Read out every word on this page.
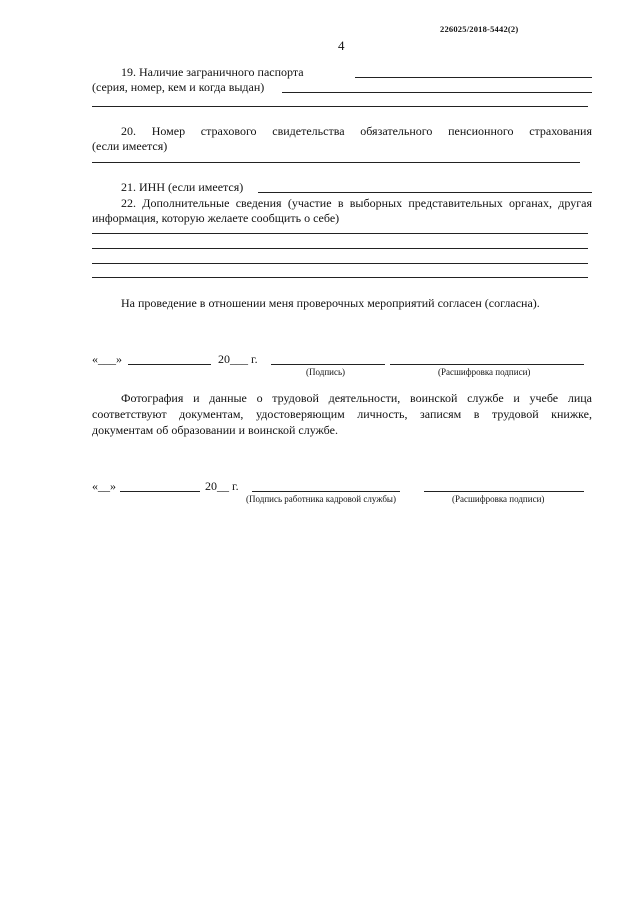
226025/2018-5442(2)
4
19. Наличие заграничного паспорта
(серия, номер, кем и когда выдан)
20. Номер страхового свидетельства обязательного пенсионного страхования
(если имеется)
21. ИНН (если имеется)
22. Дополнительные сведения (участие в выборных представительных органах, другая
информация, которую желаете сообщить о себе)
На проведение в отношении меня проверочных мероприятий согласен (согласна).
«___»	20___ г.
(Подпись)	(Расшифровка подписи)
Фотография и данные о трудовой деятельности, воинской службе и учебе лица
соответствуют документам, удостоверяющим личность, записям в трудовой книжке,
документам об образовании и воинской службе.
«__»	20__ г.
(Подпись работника кадровой службы)	(Расшифровка подписи)
